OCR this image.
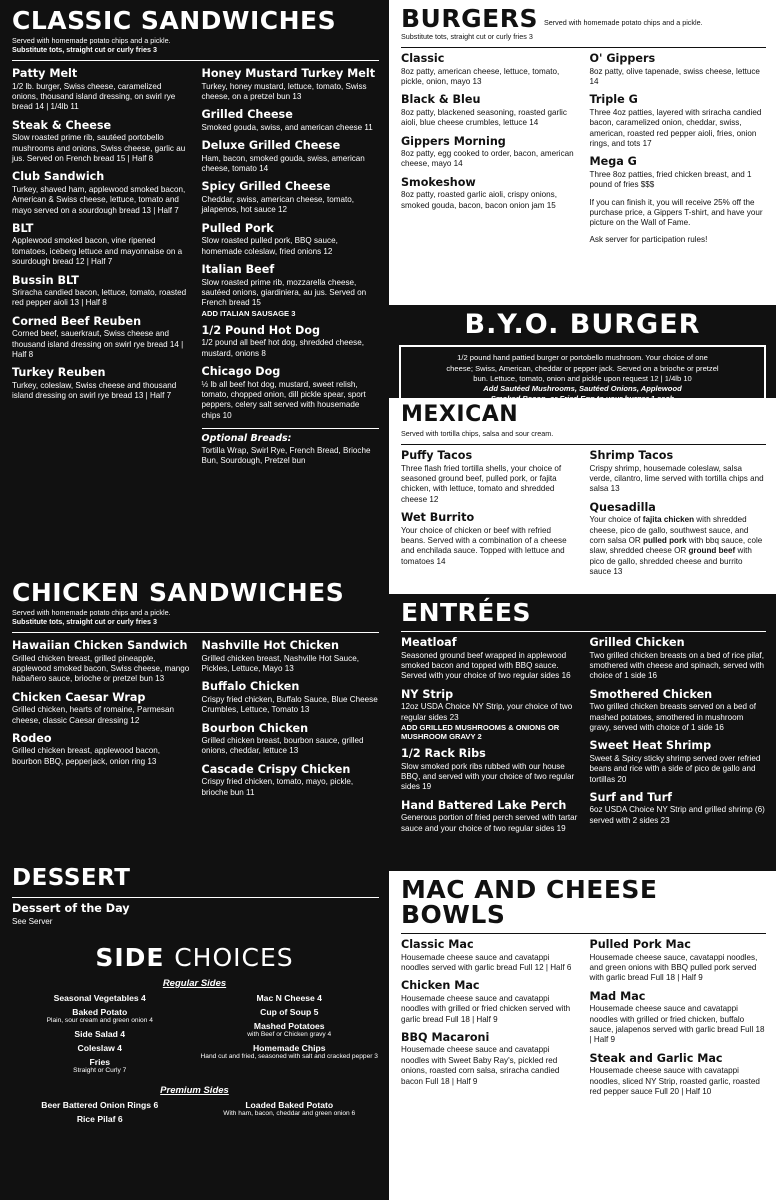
CLASSIC SANDWICHES
Served with homemade potato chips and a pickle.
Substitute tots, straight cut or curly fries 3
Patty Melt
1/2 lb. burger, Swiss cheese, caramelized onions, thousand island dressing, on swirl rye bread 14 | 1/4lb 11
Steak & Cheese
Slow roasted prime rib, sautéed portobello mushrooms and onions, Swiss cheese, garlic au jus. Served on French bread 15 | Half 8
Club Sandwich
Turkey, shaved ham, applewood smoked bacon, American & Swiss cheese, lettuce, tomato and mayo served on a sourdough bread 13 | Half 7
BLT
Applewood smoked bacon, vine ripened tomatoes, iceberg lettuce and mayonnaise on a sourdough bread 12 | Half 7
Bussin BLT
Sriracha candied bacon, lettuce, tomato, roasted red pepper aioli 13 | Half 8
Corned Beef Reuben
Corned beef, sauerkraut, Swiss cheese and thousand island dressing on swirl rye bread 14 | Half 8
Turkey Reuben
Turkey, coleslaw, Swiss cheese and thousand island dressing on swirl rye bread 13 | Half 7
Honey Mustard Turkey Melt
Turkey, honey mustard, lettuce, tomato, Swiss cheese, on a pretzel bun 13
Grilled Cheese
Smoked gouda, swiss, and american cheese 11
Deluxe Grilled Cheese
Ham, bacon, smoked gouda, swiss, american cheese, tomato 14
Spicy Grilled Cheese
Cheddar, swiss, american cheese, tomato, jalapenos, hot sauce 12
Pulled Pork
Slow roasted pulled pork, BBQ sauce, homemade coleslaw, fried onions 12
Italian Beef
Slow roasted prime rib, mozzarella cheese, sautéed onions, giardiniera, au jus. Served on French bread 15
ADD ITALIAN SAUSAGE 3
1/2 Pound Hot Dog
1/2 pound all beef hot dog, shredded cheese, mustard, onions 8
Chicago Dog
½ lb all beef hot dog, mustard, sweet relish, tomato, chopped onion, dill pickle spear, sport peppers, celery salt served with housemade chips 10
Optional Breads:
Tortilla Wrap, Swirl Rye, French Bread, Brioche Bun, Sourdough, Pretzel bun
CHICKEN SANDWICHES
Served with homemade potato chips and a pickle.
Substitute tots, straight cut or curly fries 3
Hawaiian Chicken Sandwich
Grilled chicken breast, grilled pineapple, applewood smoked bacon, Swiss cheese, mango habañero sauce, brioche or pretzel bun 13
Chicken Caesar Wrap
Grilled chicken, hearts of romaine, Parmesan cheese, classic Caesar dressing 12
Rodeo
Grilled chicken breast, applewood bacon, bourbon BBQ, pepperjack, onion ring 13
Nashville Hot Chicken
Grilled chicken breast, Nashville Hot Sauce, Pickles, Lettuce, Mayo 13
Buffalo Chicken
Crispy fried chicken, Buffalo Sauce, Blue Cheese Crumbles, Lettuce, Tomato 13
Bourbon Chicken
Grilled chicken breast, bourbon sauce, grilled onions, cheddar, lettuce 13
Cascade Crispy Chicken
Crispy fried chicken, tomato, mayo, pickle, brioche bun 11
DESSERT
Dessert of the Day
See Server
SIDE CHOICES
Regular Sides
Seasonal Vegetables 4
Baked Potato
Plain, sour cream and green onion 4
Side Salad 4
Coleslaw 4
Fries
Straight or Curly 7
Mac N Cheese 4
Cup of Soup 5
Mashed Potatoes
with Beef or Chicken gravy 4
Homemade Chips
Hand cut and fried, seasoned with salt and cracked pepper 3
Premium Sides
Beer Battered Onion Rings 6
Rice Pilaf 6
Loaded Baked Potato
With ham, bacon, cheddar and green onion 6
BURGERS Served with homemade potato chips and a pickle.
Substitute tots, straight cut or curly fries 3
Classic
8oz patty, american cheese, lettuce, tomato, pickle, onion, mayo 13
Black & Bleu
8oz patty, blackened seasoning, roasted garlic aioli, blue cheese crumbles, lettuce 14
Gippers Morning
8oz patty, egg cooked to order, bacon, american cheese, mayo 14
Smokeshow
8oz patty, roasted garlic aioli, crispy onions, smoked gouda, bacon, bacon onion jam 15
O' Gippers
8oz patty, olive tapenade, swiss cheese, lettuce 14
Triple G
Three 4oz patties, layered with sriracha candied bacon, caramelized onion, cheddar, swiss, american, roasted red pepper aioli, fries, onion rings, and tots 17
Mega G
Three 8oz patties, fried chicken breast, and 1 pound of fries $$$
If you can finish it, you will receive 25% off the purchase price, a Gippers T-shirt, and have your picture on the Wall of Fame.
Ask server for participation rules!
B.Y.O. BURGER
1/2 pound hand pattied burger or portobello mushroom. Your choice of one
cheese; Swiss, American, cheddar or pepper jack. Served on a brioche or pretzel
bun. Lettuce, tomato, onion and pickle upon request 12 | 1/4lb 10
Add Sautéed Mushrooms, Sautéed Onions, Applewood
Smoked Bacon, or Fried Egg to your burger 1 each
MEXICAN
Served with tortilla chips, salsa and sour cream.
Puffy Tacos
Three flash fried tortilla shells, your choice of seasoned ground beef, pulled pork, or fajita chicken, with lettuce, tomato and shredded cheese 12
Wet Burrito
Your choice of chicken or beef with refried beans. Served with a combination of a cheese and enchilada sauce. Topped with lettuce and tomatoes 14
Shrimp Tacos
Crispy shrimp, housemade coleslaw, salsa verde, cilantro, lime served with tortilla chips and salsa 13
Quesadilla
Your choice of fajita chicken with shredded cheese, pico de gallo, southwest sauce, and corn salsa OR pulled pork with bbq sauce, cole slaw, shredded cheese OR ground beef with pico de gallo, shredded cheese and burrito sauce 13
ENTRÉES
Meatloaf
Seasoned ground beef wrapped in applewood smoked bacon and topped with BBQ sauce. Served with your choice of two regular sides 16
NY Strip
12oz USDA Choice NY Strip, your choice of two regular sides 23
ADD GRILLED MUSHROOMS & ONIONS OR MUSHROOM GRAVY 2
1/2 Rack Ribs
Slow smoked pork ribs rubbed with our house BBQ, and served with your choice of two regular sides 19
Hand Battered Lake Perch
Generous portion of fried perch served with tartar sauce and your choice of two regular sides 19
Grilled Chicken
Two grilled chicken breasts on a bed of rice pilaf, smothered with cheese and spinach, served with choice of 1 side 16
Smothered Chicken
Two grilled chicken breasts served on a bed of mashed potatoes, smothered in mushroom gravy, served with choice of 1 side 16
Sweet Heat Shrimp
Sweet & Spicy sticky shrimp served over refried beans and rice with a side of pico de gallo and tortillas 20
Surf and Turf
6oz USDA Choice NY Strip and grilled shrimp (6) served with 2 sides 23
MAC AND CHEESE BOWLS
Classic Mac
Housemade cheese sauce and cavatappi noodles served with garlic bread Full 12 | Half 6
Chicken Mac
Housemade cheese sauce and cavatappi noodles with grilled or fried chicken served with garlic bread Full 18 | Half 9
BBQ Macaroni
Housemade cheese sauce and cavatappi noodles with Sweet Baby Ray's, pickled red onions, roasted corn salsa, sriracha candied bacon Full 18 | Half 9
Pulled Pork Mac
Housemade cheese sauce, cavatappi noodles, and green onions with BBQ pulled pork served with garlic bread Full 18 | Half 9
Mad Mac
Housemade cheese sauce and cavatappi noodles with grilled or fried chicken, buffalo sauce, jalapenos served with garlic bread Full 18 | Half 9
Steak and Garlic Mac
Housemade cheese sauce with cavatappi noodles, sliced NY Strip, roasted garlic, roasted red pepper sauce Full 20 | Half 10
